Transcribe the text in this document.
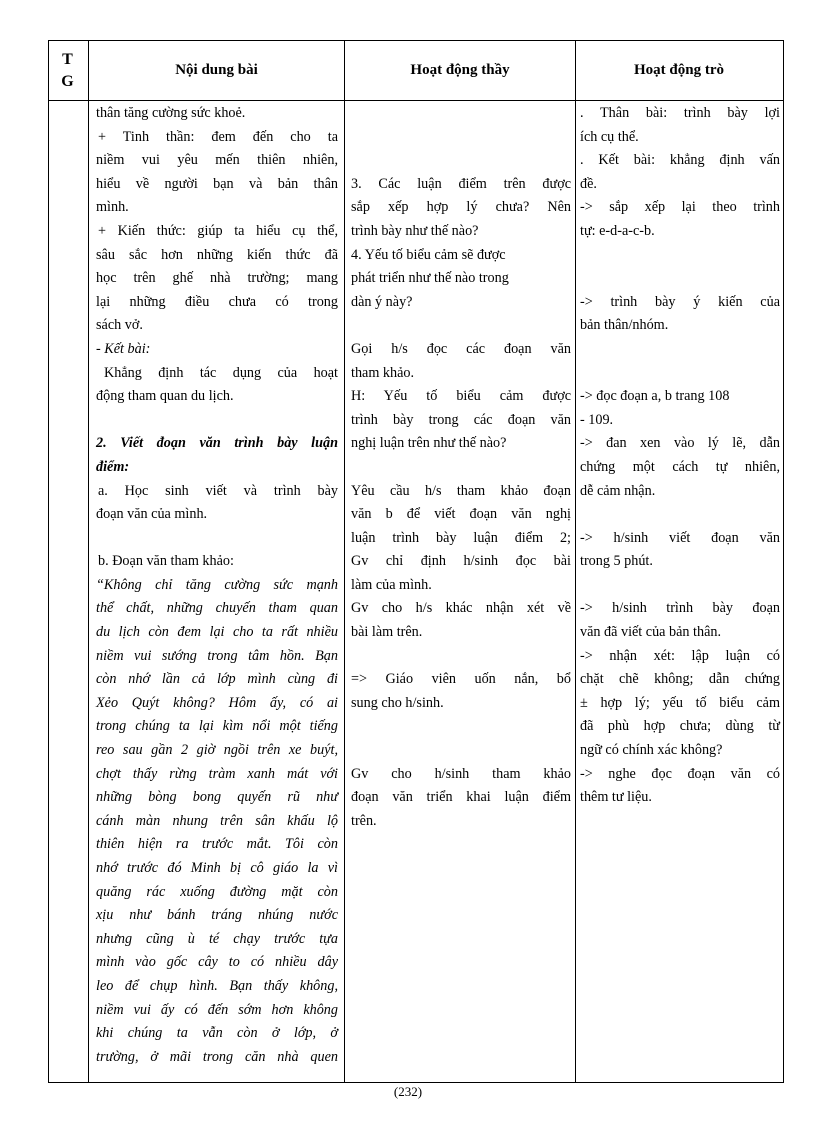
T
G
Nội dung bài	Hoạt động thầy	Hoạt động trò
thân tăng cường sức khoẻ.
+ Tinh thần: đem đến cho ta
niềm vui yêu mến thiên nhiên,
hiểu về người bạn và bản thân
mình.
+ Kiến thức: giúp ta hiểu cụ thể,
sâu sắc hơn những kiến thức đã
học trên ghế nhà trường; mang
lại những điều chưa có trong
sách vở.
- Kết bài:
Khẳng định tác dụng của hoạt
động tham quan du lịch.
2. Viết đoạn văn trình bày luận
điểm:
a. Học sinh viết và trình bày
đoạn văn của mình.
b. Đoạn văn tham khảo:
“Không chỉ tăng cường sức mạnh
thể chất, những chuyến tham quan
du lịch còn đem lại cho ta rất nhiều
niềm vui sướng trong tâm hồn. Bạn
còn nhớ lần cả lớp mình cùng đi
Xẻo Quýt không? Hôm ấy, có ai
trong chúng ta lại kìm nổi một tiếng
reo sau gần 2 giờ ngồi trên xe buýt,
chợt thấy rừng tràm xanh mát với
những bòng bong quyến rũ như
cánh màn nhung trên sân khấu lộ
thiên hiện ra trước mắt. Tôi còn
nhớ trước đó Minh bị cô giáo la vì
quăng rác xuống đường mặt còn
xịu như bánh tráng nhúng nước
nhưng cũng ù té chạy trước tựa
mình vào gốc cây to có nhiều dây
leo để chụp hình. Bạn thấy không,
niềm vui ấy có đến sớm hơn không
khi chúng ta vẫn còn ở lớp, ở
trường, ở mãi trong căn nhà quen
3. Các luận điểm trên được
sắp xếp hợp lý chưa? Nên
trình bày như thế nào?
4. Yếu tố biểu cảm sẽ được
phát triển như thế nào trong
dàn ý này?
Gọi h/s đọc các đoạn văn
tham khảo.
H: Yếu tố biểu cảm được
trình bày trong các đoạn văn
nghị luận trên như thế nào?
Yêu cầu h/s tham khảo đoạn
văn b để viết đoạn văn nghị
luận trình bày luận điểm 2;
Gv chỉ định h/sinh đọc bài
làm của mình.
Gv cho h/s khác nhận xét về
bài làm trên.
=> Giáo viên uốn nắn, bổ
sung cho h/sinh.
Gv cho h/sinh tham khảo
đoạn văn triển khai luận điểm
trên.
. Thân bài: trình bày lợi
ích cụ thể.
. Kết bài: khẳng định vấn
đề.
-> sắp xếp lại theo trình
tự: e-d-a-c-b.
-> trình bày ý kiến của
bản thân/nhóm.
-> đọc đoạn a, b trang 108
- 109.
-> đan xen vào lý lẽ, dẫn
chứng một cách tự nhiên,
dễ cảm nhận.
-> h/sinh viết đoạn văn
trong 5 phút.
-> h/sinh trình bày đoạn
văn đã viết của bản thân.
-> nhận xét: lập luận có
chặt chẽ không; dẫn chứng
± hợp lý; yếu tố biểu cảm
đã phù hợp chưa; dùng từ
ngữ có chính xác không?
-> nghe đọc đoạn văn có
thêm tư liệu.
(232)
